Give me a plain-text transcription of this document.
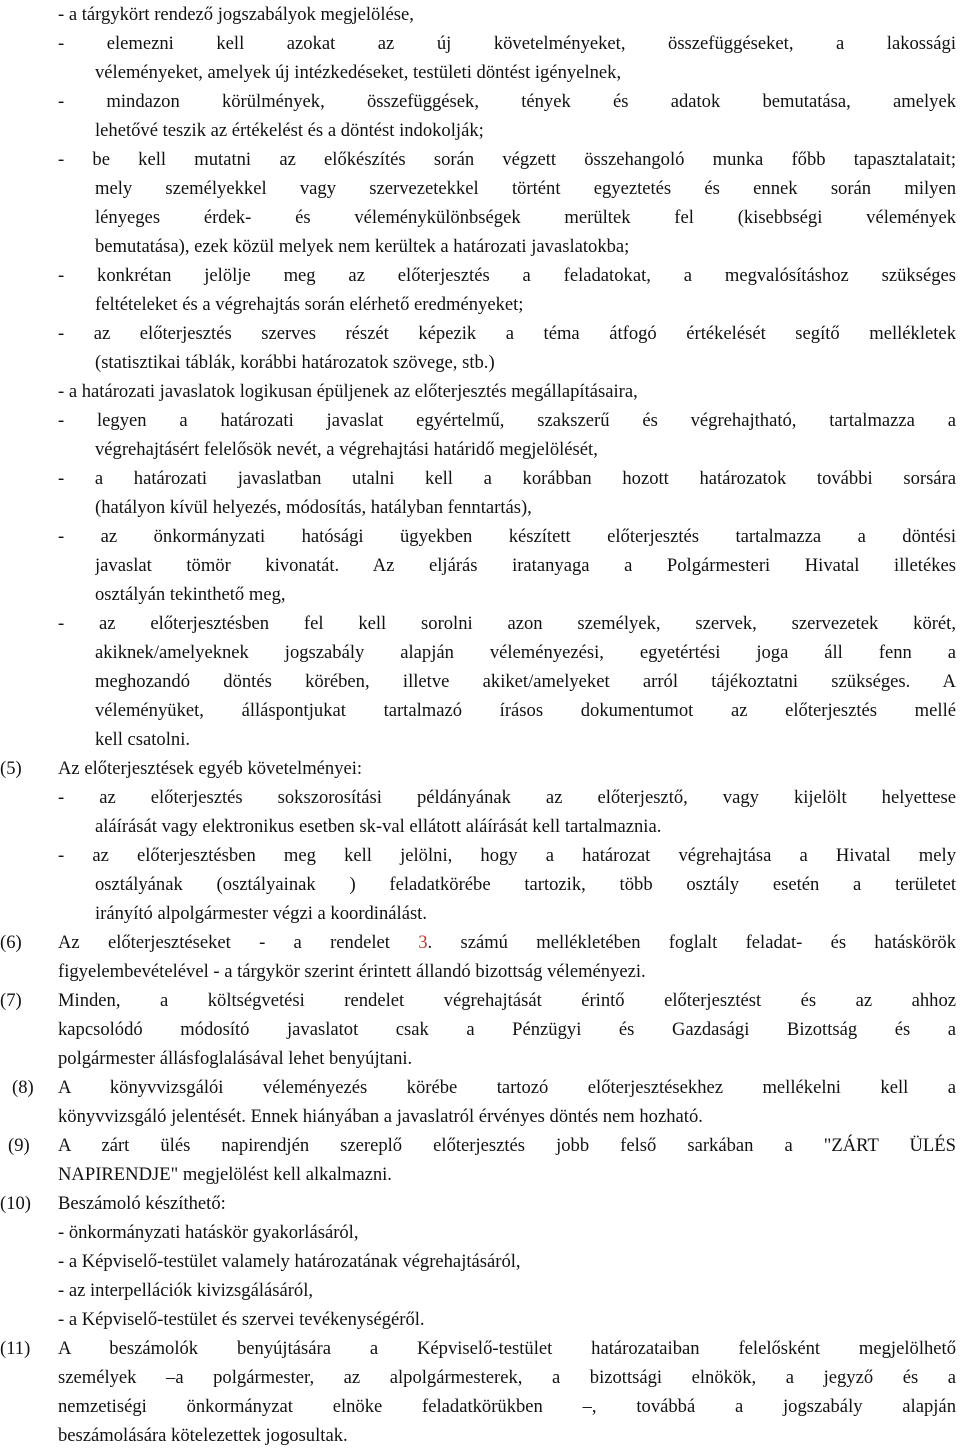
- a tárgykört rendező jogszabályok megjelölése,
- elemezni kell azokat az új követelményeket, összefüggéseket, a lakossági
véleményeket, amelyek új intézkedéseket, testületi döntést igényelnek,
- mindazon körülmények, összefüggések, tények és adatok bemutatása, amelyek
lehetővé teszik az értékelést és a döntést indokolják;
- be kell mutatni az előkészítés során végzett összehangoló munka főbb tapasztalatait;
mely személyekkel vagy szervezetekkel történt egyeztetés és ennek során milyen
lényeges érdek- és véleménykülönbségek merültek fel (kisebbségi vélemények
bemutatása), ezek közül melyek nem kerültek a határozati javaslatokba;
- konkrétan jelölje meg az előterjesztés a feladatokat, a megvalósításhoz szükséges
feltételeket és a végrehajtás során elérhető eredményeket;
- az előterjesztés szerves részét képezik a téma átfogó értékelését segítő mellékletek
(statisztikai táblák, korábbi határozatok szövege, stb.)
- a határozati javaslatok logikusan épüljenek az előterjesztés megállapításaira,
- legyen a határozati javaslat egyértelmű, szakszerű és végrehajtható, tartalmazza a
végrehajtásért felelősök nevét, a végrehajtási határidő megjelölését,
- a határozati javaslatban utalni kell a korábban hozott határozatok további sorsára
(hatályon kívül helyezés, módosítás, hatályban fenntartás),
- az önkormányzati hatósági ügyekben készített előterjesztés tartalmazza a döntési
javaslat tömör kivonatát. Az eljárás iratanyaga a Polgármesteri Hivatal illetékes
osztályán tekinthető meg,
- az előterjesztésben fel kell sorolni azon személyek, szervek, szervezetek körét,
akiknek/amelyeknek jogszabály alapján véleményezési, egyetértési joga áll fenn a
meghozandó döntés körében, illetve akiket/amelyeket arról tájékoztatni szükséges. A
véleményüket, álláspontjukat tartalmazó írásos dokumentumot az előterjesztés mellé
kell csatolni.
(5)	Az előterjesztések egyéb követelményei:
- az előterjesztés sokszorosítási példányának az előterjesztő, vagy kijelölt helyettese
aláírását vagy elektronikus esetben sk-val ellátott aláírását kell tartalmaznia.
- az előterjesztésben meg kell jelölni, hogy a határozat végrehajtása a Hivatal mely
osztályának (osztályainak ) feladatkörébe tartozik, több osztály esetén a területet
irányító alpolgármester végzi a koordinálást.
(6)	Az előterjesztéseket - a rendelet 3. számú mellékletében foglalt feladat- és hatáskörök
figyelembevételével - a tárgykör szerint érintett állandó bizottság véleményezi.
(7)	Minden, a költségvetési rendelet végrehajtását érintő előterjesztést és az ahhoz
kapcsolódó módosító javaslatot csak a Pénzügyi és Gazdasági Bizottság és a
polgármester állásfoglalásával lehet benyújtani.
(8)	A könyvvizsgálói véleményezés körébe tartozó előterjesztésekhez mellékelni kell a
könyvvizsgáló jelentését. Ennek hiányában a javaslatról érvényes döntés nem hozható.
(9)	A zárt ülés napirendjén szereplő előterjesztés jobb felső sarkában a "ZÁRT ÜLÉS
NAPIRENDJE" megjelölést kell alkalmazni.
(10)	Beszámoló készíthető:
- önkormányzati hatáskör gyakorlásáról,
- a Képviselő-testület valamely határozatának végrehajtásáról,
- az interpellációk kivizsgálásáról,
- a Képviselő-testület és szervei tevékenységéről.
(11)	A beszámolók benyújtására a Képviselő-testület határozataiban felelősként megjelölhető
személyek –a polgármester, az alpolgármesterek, a bizottsági elnökök, a jegyző és a
nemzetiségi önkormányzat elnöke feladatkörükben –, továbbá a jogszabály alapján
beszámolására kötelezettek jogosultak.
